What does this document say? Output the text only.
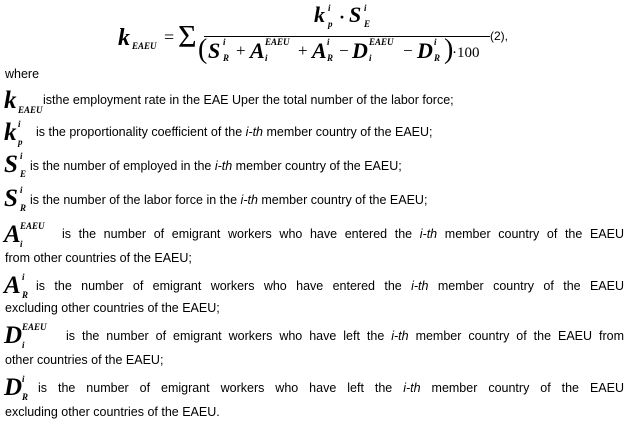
k EAEU = Σ
k i
p · S i
E
( S i
R + A EAEU
i + A i
R − D EAEU
i − D i
R )
·100
(2),
where
k EAEU
isthe employment rate in the EAE Uper the total number of the labor force;
k i
p
is the proportionality coefficient of the i-th member country of the EAEU;
S i
E
is the number of employed in the i-th member country of the EAEU;
S i
R
is the number of the labor force in the i-th member country of the EAEU;
A EAEU
i
is the number of emigrant workers who have entered the i-th member country of the EAEU
from other countries of the EAEU;
A i
R
is the number of emigrant workers who have entered the i-th member country of the EAEU
excluding other countries of the EAEU;
D EAEU
i
is the number of emigrant workers who have left the i-th member country of the EAEU from
other countries of the EAEU;
D i
R
is the number of emigrant workers who have left the i-th member country of the EAEU
excluding other countries of the EAEU.
